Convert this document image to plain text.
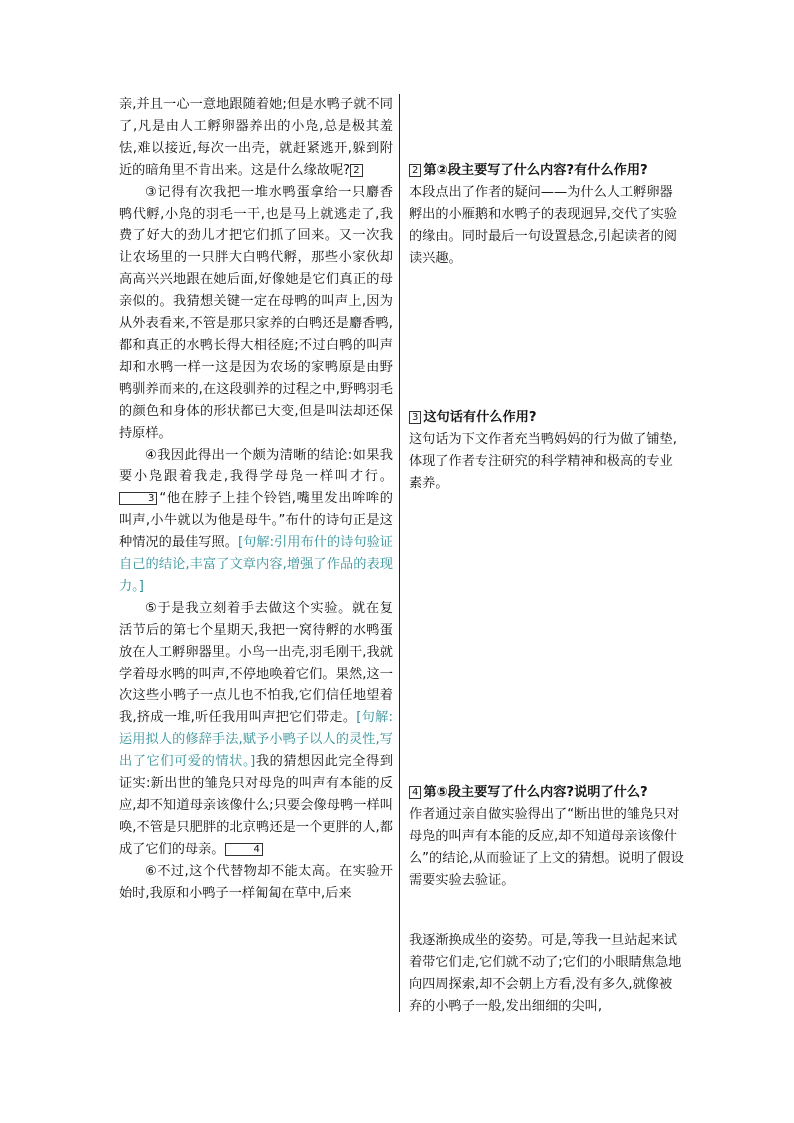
亲,并且一心一意地跟随着她;但是水鸭子就不同了,凡是由人工孵卵器养出的小凫,总是极其羞怯,难以接近,每次一出壳，就赶紧逃开,躲到附近的暗角里不肯出来。这是什么缘故呢? 2

③记得有次我把一堆水鸭蛋拿给一只麝香鸭代孵,小凫的羽毛一干,也是马上就逃走了,我费了好大的劲儿才把它们抓了回来。又一次我让农场里的一只胖大白鸭代孵，那些小家伙却高高兴兴地跟在她后面,好像她是它们真正的母亲似的。我猜想关键一定在母鸭的叫声上,因为从外表看来,不管是那只家养的白鸭还是麝香鸭,都和真正的水鸭长得大相径庭;不过白鸭的叫声却和水鸭一样一这是因为农场的家鸭原是由野鸭驯养而来的,在这段驯养的过程之中,野鸭羽毛的颜色和身体的形状都已大变,但是叫法却还保持原样。

④我因此得出一个颇为清晰的结论:如果我要小凫跟着我走,我得学母凫一样叫才行。3 “他在脖子上挂个铃铛,嘴里发出哞哞的叫声,小牛就以为他是母牛。”布什的诗句正是这种情况的最佳写照。[句解:引用布什的诗句验证自己的结论,丰富了文章内容,增强了作品的表现力。]

⑤于是我立刻着手去做这个实验。就在复活节后的第七个星期天,我把一窝待孵的水鸭蛋放在人工孵卵器里。小鸟一出壳,羽毛刚干,我就学着母水鸭的叫声,不停地唤着它们。果然,这一次这些小鸭子一点儿也不怕我,它们信任地望着我,挤成一堆,听任我用叫声把它们带走。[句解:运用拟人的修辞手法,赋予小鸭子以人的灵性,写出了它们可爱的情状。]我的猜想因此完全得到证实:新出世的雏凫只对母凫的叫声有本能的反应,却不知道母亲该像什么;只要会像母鸭一样叫唤,不管是只肥胖的北京鸭还是一个更胖的人,都成了它们的母亲。	4

⑥不过,这个代替物却不能太高。在实验开始时,我原和小鸭子一样匍匐在草中,后来

2 第②段主要写了什么内容?有什么作用?

本段点出了作者的疑问——为什么人工孵卵器孵出的小雁鹅和水鸭子的表现迥异,交代了实验的缘由。同时最后一句设置悬念,引起读者的阅读兴趣。

3 这句话有什么作用?

这句话为下文作者充当鸭妈妈的行为做了铺垫,体现了作者专注研究的科学精神和极高的专业素养。

4 第⑤段主要写了什么内容?说明了什么?

作者通过亲自做实验得出了“断出世的雏凫只对母凫的叫声有本能的反应,却不知道母亲该像什么”的结论,从而验证了上文的猜想。说明了假设需要实验去验证。

我逐渐换成坐的姿势。可是,等我一旦站起来试着带它们走,它们就不动了;它们的小眼睛焦急地向四周探索,却不会朝上方看,没有多久,就像被弃的小鸭子一般,发出细细的尖叫,
